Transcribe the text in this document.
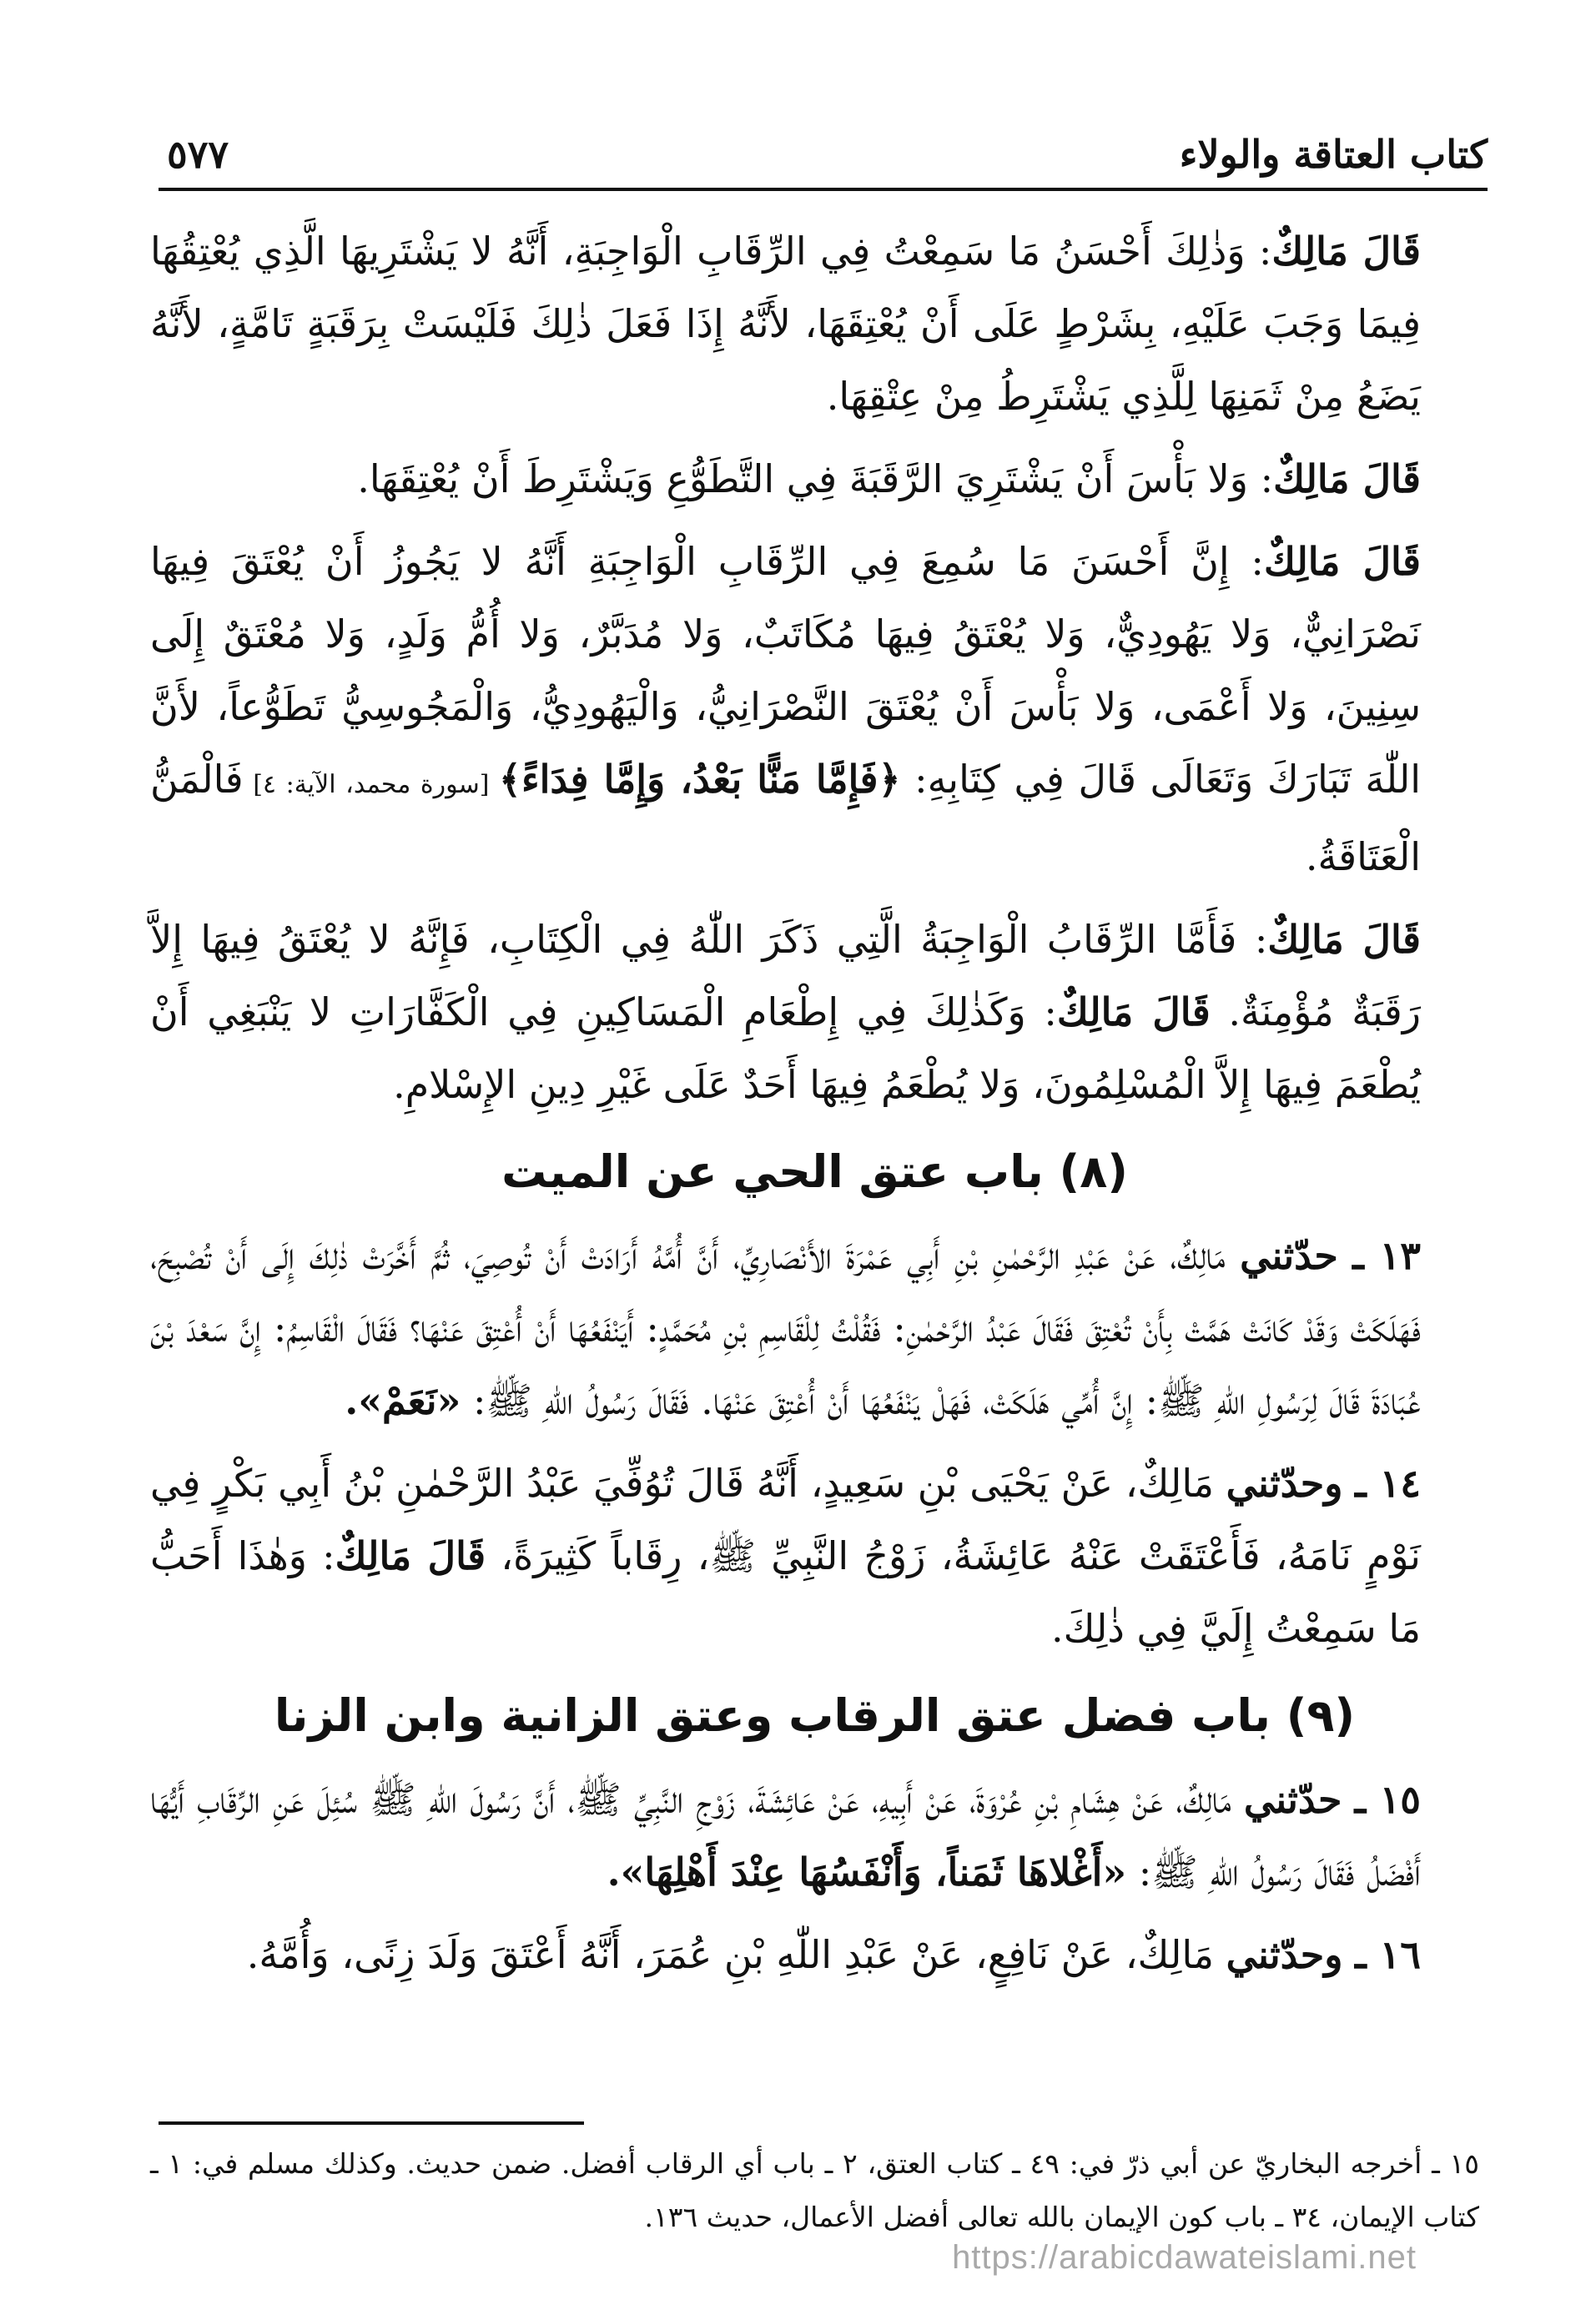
كتاب العتاقة والولاء
٥٧٧

قَالَ مَالِكٌ: وَذٰلِكَ أَحْسَنُ مَا سَمِعْتُ فِي الرِّقَابِ الْوَاجِبَةِ، أَنَّهُ لا يَشْتَرِيهَا الَّذِي يُعْتِقُهَا فِيمَا وَجَبَ عَلَيْهِ، بِشَرْطٍ عَلَى أَنْ يُعْتِقَهَا، لأَنَّهُ إِذَا فَعَلَ ذٰلِكَ فَلَيْسَتْ بِرَقَبَةٍ تَامَّةٍ، لأَنَّهُ يَضَعُ مِنْ ثَمَنِهَا لِلَّذِي يَشْتَرِطُ مِنْ عِتْقِهَا.

قَالَ مَالِكٌ: وَلا بَأْسَ أَنْ يَشْتَرِيَ الرَّقَبَةَ فِي التَّطَوُّعِ وَيَشْتَرِطَ أَنْ يُعْتِقَهَا.

قَالَ مَالِكٌ: إِنَّ أَحْسَنَ مَا سُمِعَ فِي الرِّقَابِ الْوَاجِبَةِ أَنَّهُ لا يَجُوزُ أَنْ يُعْتَقَ فِيهَا نَصْرَانِيٌّ، وَلا يَهُودِيٌّ، وَلا يُعْتَقُ فِيهَا مُكَاتَبٌ، وَلا مُدَبَّرٌ، وَلا أُمُّ وَلَدٍ، وَلا مُعْتَقٌ إِلَى سِنِينَ، وَلا أَعْمَى، وَلا بَأْسَ أَنْ يُعْتَقَ النَّصْرَانِيُّ، وَالْيَهُودِيُّ، وَالْمَجُوسِيُّ تَطَوُّعاً، لأَنَّ اللّٰهَ تَبَارَكَ وَتَعَالَى قَالَ فِي كِتَابِهِ: ﴿فَإِمَّا مَنًّا بَعْدُ، وَإِمَّا فِدَاءً﴾ [سورة محمد، الآية: ٤] فَالْمَنُّ الْعَتَاقَةُ.

قَالَ مَالِكٌ: فَأَمَّا الرِّقَابُ الْوَاجِبَةُ الَّتِي ذَكَرَ اللّٰهُ فِي الْكِتَابِ، فَإِنَّهُ لا يُعْتَقُ فِيهَا إِلاَّ رَقَبَةٌ مُؤْمِنَةٌ. قَالَ مَالِكٌ: وَكَذٰلِكَ فِي إِطْعَامِ الْمَسَاكِينِ فِي الْكَفَّارَاتِ لا يَنْبَغِي أَنْ يُطْعَمَ فِيهَا إِلاَّ الْمُسْلِمُونَ، وَلا يُطْعَمُ فِيهَا أَحَدٌ عَلَى غَيْرِ دِينِ الإِسْلامِ.

(٨) باب عتق الحي عن الميت

١٣ ـ حدّثني مَالِكٌ، عَنْ عَبْدِ الرَّحْمٰنِ بْنِ أَبِي عَمْرَةَ الأَنْصَارِيِّ، أَنَّ أُمَّهُ أَرَادَتْ أَنْ تُوصِيَ، ثُمَّ أَخَّرَتْ ذٰلِكَ إِلَى أَنْ تُصْبِحَ، فَهَلَكَتْ وَقَدْ كَانَتْ هَمَّتْ بِأَنْ تُعْتِقَ فَقَالَ عَبْدُ الرَّحْمٰنِ: فَقُلْتُ لِلْقَاسِمِ بْنِ مُحَمَّدٍ: أَيَنْفَعُهَا أَنْ أُعْتِقَ عَنْهَا؟ فَقَالَ الْقَاسِمُ: إِنَّ سَعْدَ بْنَ عُبَادَةَ قَالَ لِرَسُولِ اللّٰهِ ﷺ: إِنَّ أُمِّي هَلَكَتْ، فَهَلْ يَنْفَعُهَا أَنْ أُعْتِقَ عَنْهَا. فَقَالَ رَسُولُ اللّٰهِ ﷺ: «نَعَمْ».

١٤ ـ وحدّثني مَالِكٌ، عَنْ يَحْيَى بْنِ سَعِيدٍ، أَنَّهُ قَالَ تُوُفِّيَ عَبْدُ الرَّحْمٰنِ بْنُ أَبِي بَكْرٍ فِي نَوْمٍ نَامَهُ، فَأَعْتَقَتْ عَنْهُ عَائِشَةُ، زَوْجُ النَّبِيِّ ﷺ، رِقَاباً كَثِيرَةً، قَالَ مَالِكٌ: وَهٰذَا أَحَبُّ مَا سَمِعْتُ إِلَيَّ فِي ذٰلِكَ.

(٩) باب فضل عتق الرقاب وعتق الزانية وابن الزنا

١٥ ـ حدّثني مَالِكٌ، عَنْ هِشَامِ بْنِ عُرْوَةَ، عَنْ أَبِيهِ، عَنْ عَائِشَةَ، زَوْجِ النَّبِيِّ ﷺ، أَنَّ رَسُولَ اللّٰهِ ﷺ سُئِلَ عَنِ الرِّقَابِ أَيُّهَا أَفْضَلُ فَقَالَ رَسُولُ اللّٰهِ ﷺ: «أَغْلاهَا ثَمَناً، وَأَنْفَسُهَا عِنْدَ أَهْلِهَا».

١٦ ـ وحدّثني مَالِكٌ، عَنْ نَافِعٍ، عَنْ عَبْدِ اللّٰهِ بْنِ عُمَرَ، أَنَّهُ أَعْتَقَ وَلَدَ زِنًى، وَأُمَّهُ.

١٥ ـ أخرجه البخاريّ عن أبي ذرّ في: ٤٩ ـ كتاب العتق، ٢ ـ باب أي الرقاب أفضل. ضمن حديث. وكذلك مسلم في: ١ ـ كتاب الإيمان، ٣٤ ـ باب كون الإيمان بالله تعالى أفضل الأعمال، حديث ١٣٦.

https://arabicdawateislami.net
